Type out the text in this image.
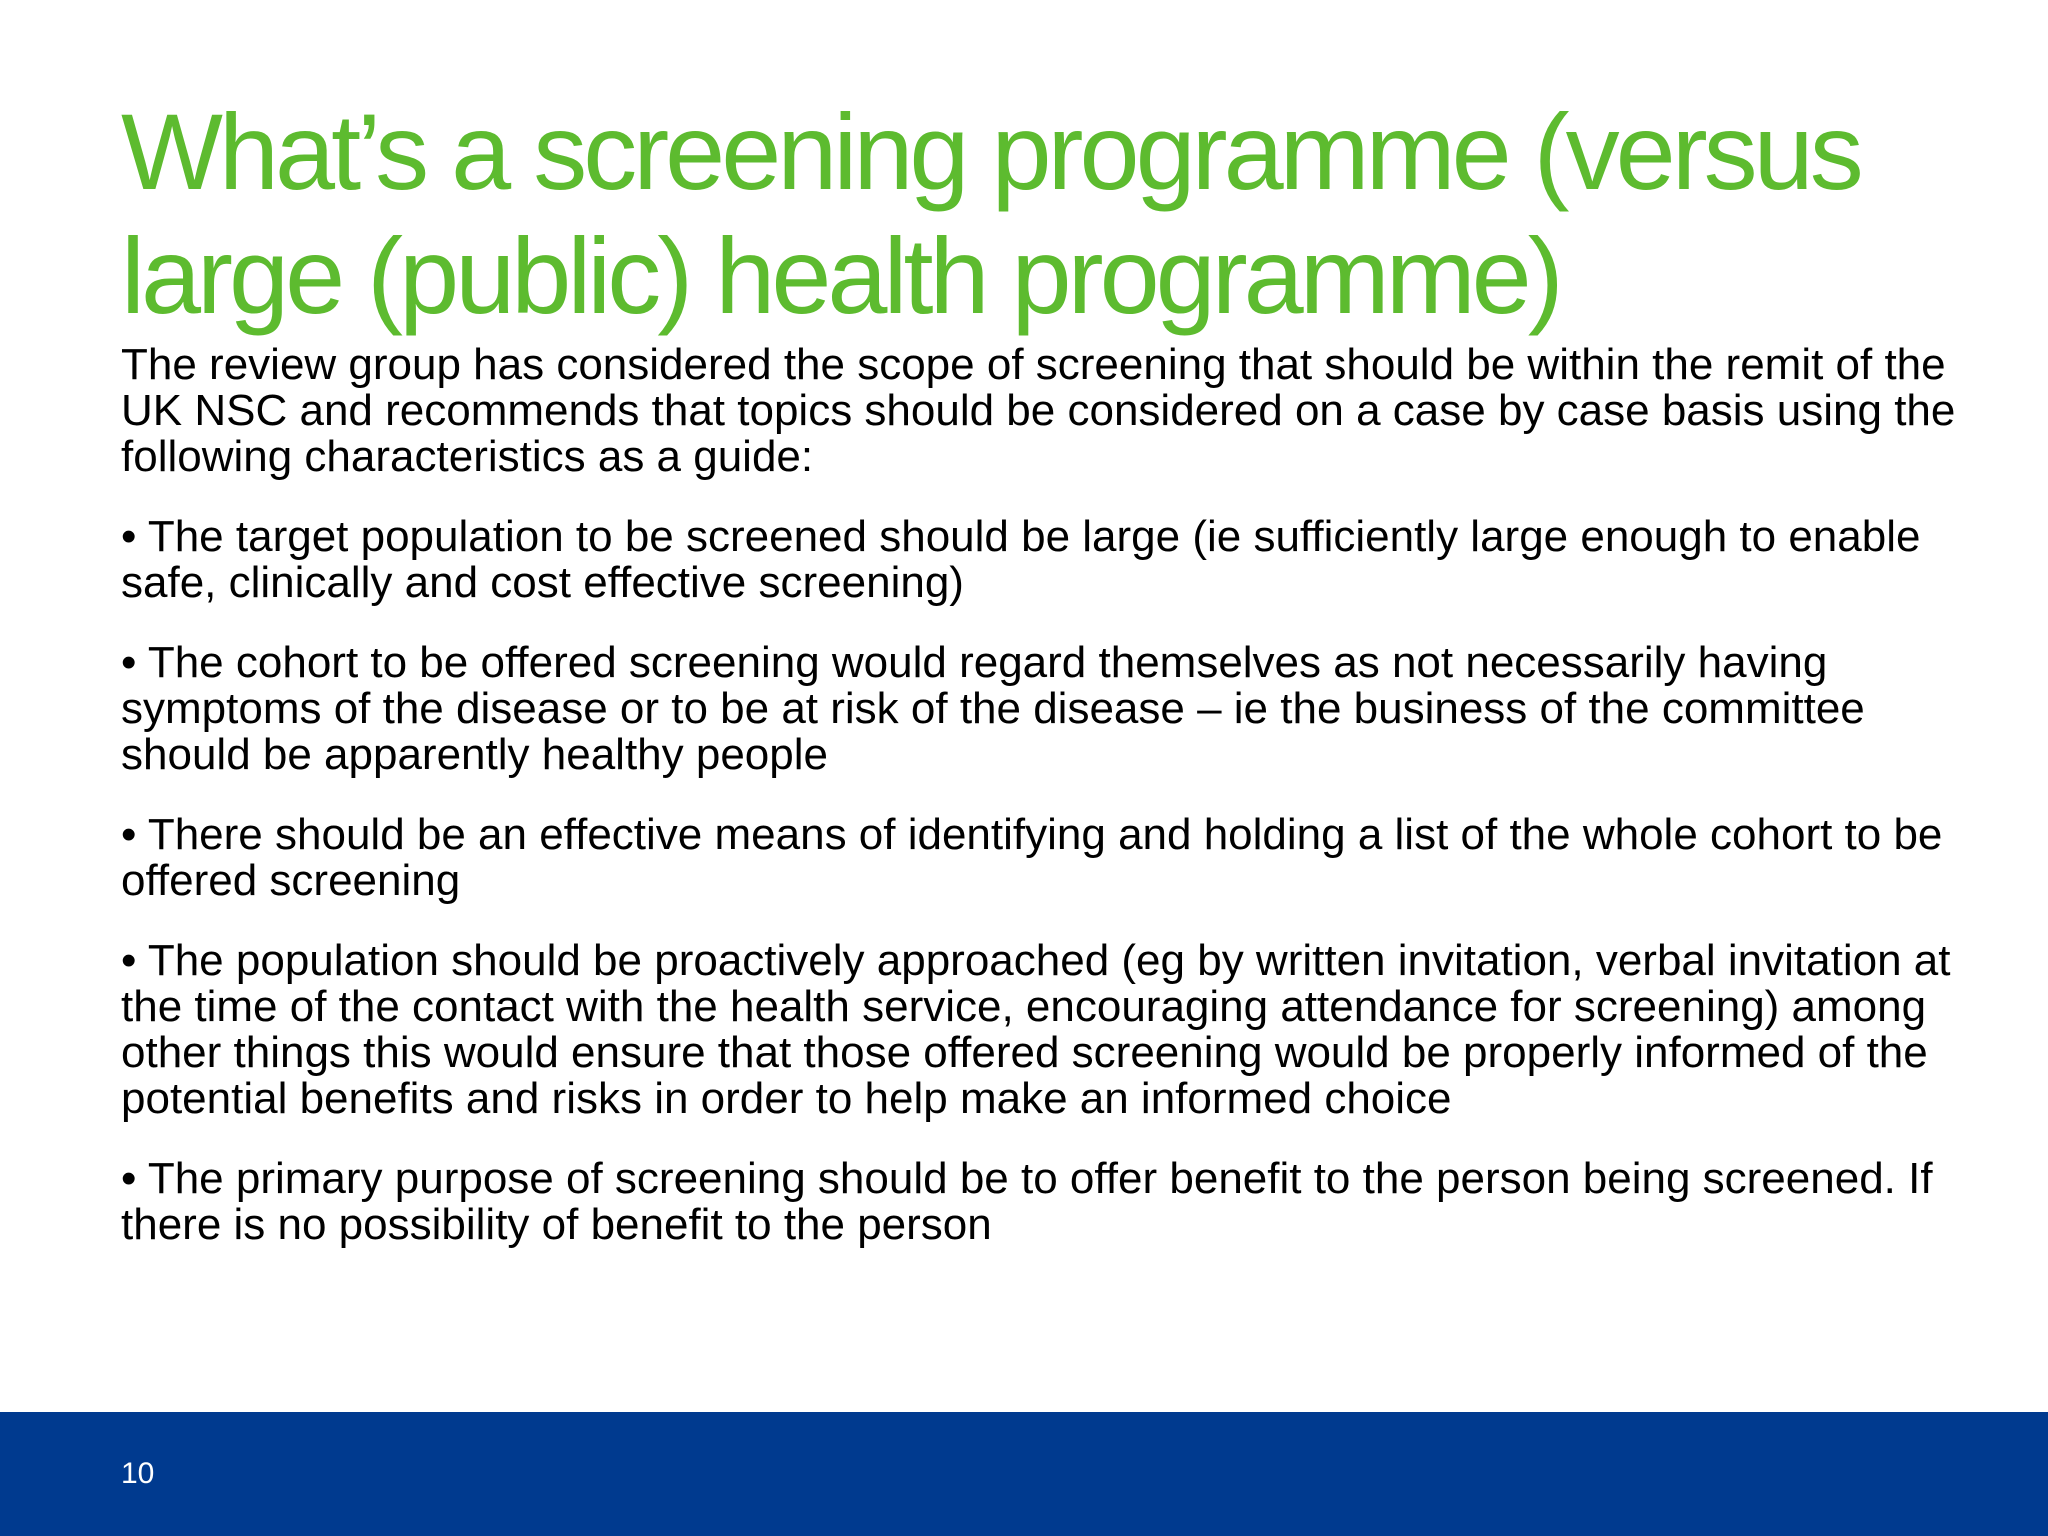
What’s a screening programme (versus large (public) health programme)

The review group has considered the scope of screening that should be within the remit of the UK NSC and recommends that topics should be considered on a case by case basis using the following characteristics as a guide:

• The target population to be screened should be large (ie sufficiently large enough to enable safe, clinically and cost effective screening)

• The cohort to be offered screening would regard themselves as not necessarily having symptoms of the disease or to be at risk of the disease – ie the business of the committee should be apparently healthy people

• There should be an effective means of identifying and holding a list of the whole cohort to be offered screening

• The population should be proactively approached (eg by written invitation, verbal invitation at the time of the contact with the health service, encouraging attendance for screening) among other things this would ensure that those offered screening would be properly informed of the potential benefits and risks in order to help make an informed choice

• The primary purpose of screening should be to offer benefit to the person being screened. If there is no possibility of benefit to the person

10
